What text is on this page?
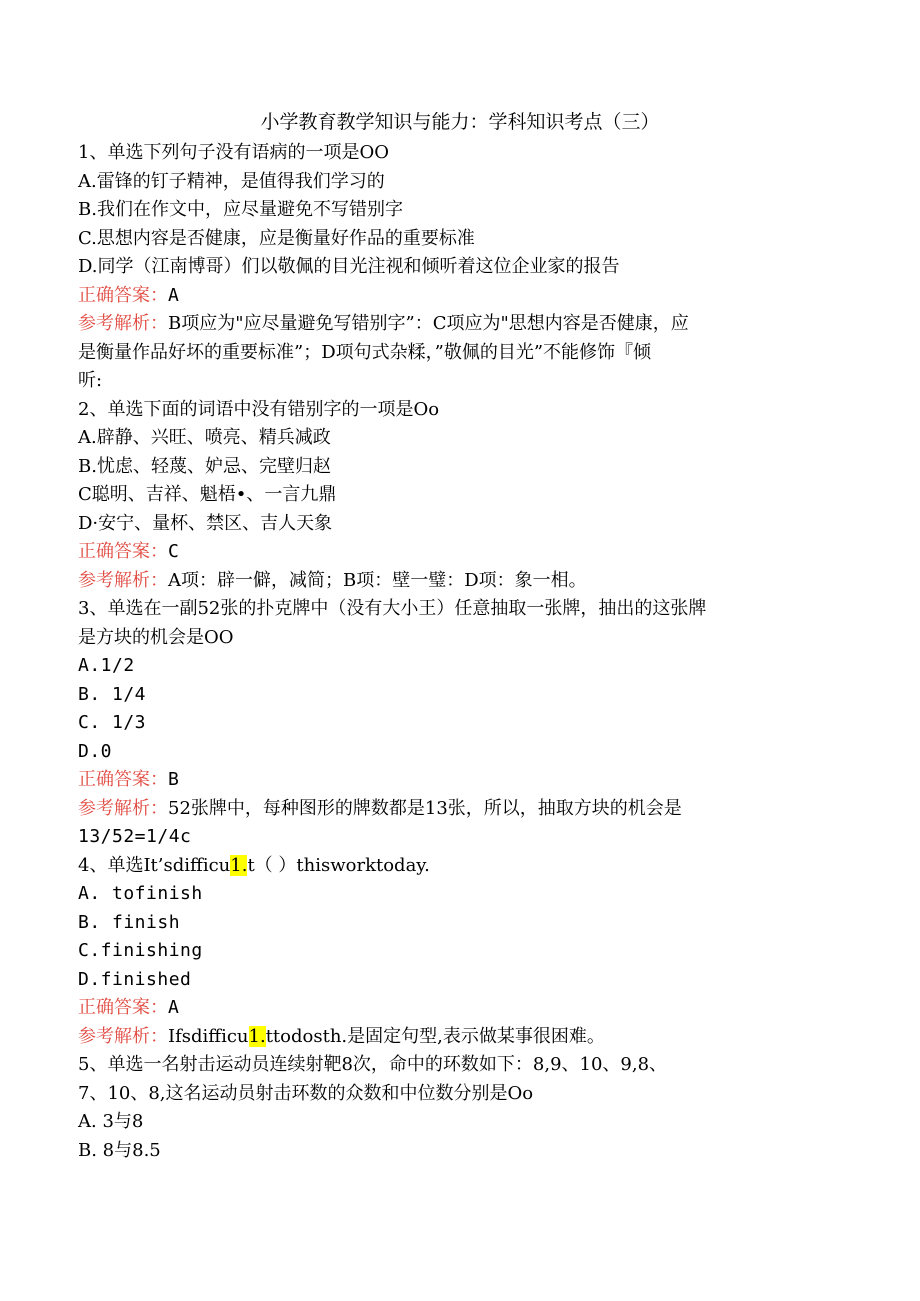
小学教育教学知识与能力：学科知识考点（三）
1、单选下列句子没有语病的一项是OO
A.雷锋的钉子精神，是值得我们学习的
B.我们在作文中，应尽量避免不写错别字
C.思想内容是否健康，应是衡量好作品的重要标准
D.同学（江南博哥）们以敬佩的目光注视和倾听着这位企业家的报告
正确答案：A
参考解析：B项应为"应尽量避免写错别字”：C项应为"思想内容是否健康，应
是衡量作品好坏的重要标准”；D项句式杂糅，”敬佩的目光”不能修饰『倾
听:
2、单选下面的词语中没有错别字的一项是Oo
A.辟静、兴旺、喷亮、精兵减政
B.忧虑、轻蔑、妒忌、完壁归赵
C聪明、吉祥、魁梧•、一言九鼎
D·安宁、量杯、禁区、吉人天象
正确答案：C
参考解析：A项：辟一僻，减简；B项：壁一璧：D项：象一相。
3、单选在一副52张的扑克牌中（没有大小王）任意抽取一张牌，抽出的这张牌
是方块的机会是OO
A.1/2
B. 1/4
C. 1/3
D.0
正确答案：B
参考解析：52张牌中，每种图形的牌数都是13张，所以，抽取方块的机会是
13/52=1/4c
4、单选It’sdifficu1.t（ ）thisworktoday.
A. tofinish
B. finish
C.finishing
D.finished
正确答案：A
参考解析：Ifsdifficu1.ttodosth.是固定句型,表示做某事很困难。
5、单选一名射击运动员连续射靶8次，命中的环数如下：8,9、10、9,8、
7、10、8,这名运动员射击环数的众数和中位数分别是Oo
A. 3与8
B. 8与8.5
